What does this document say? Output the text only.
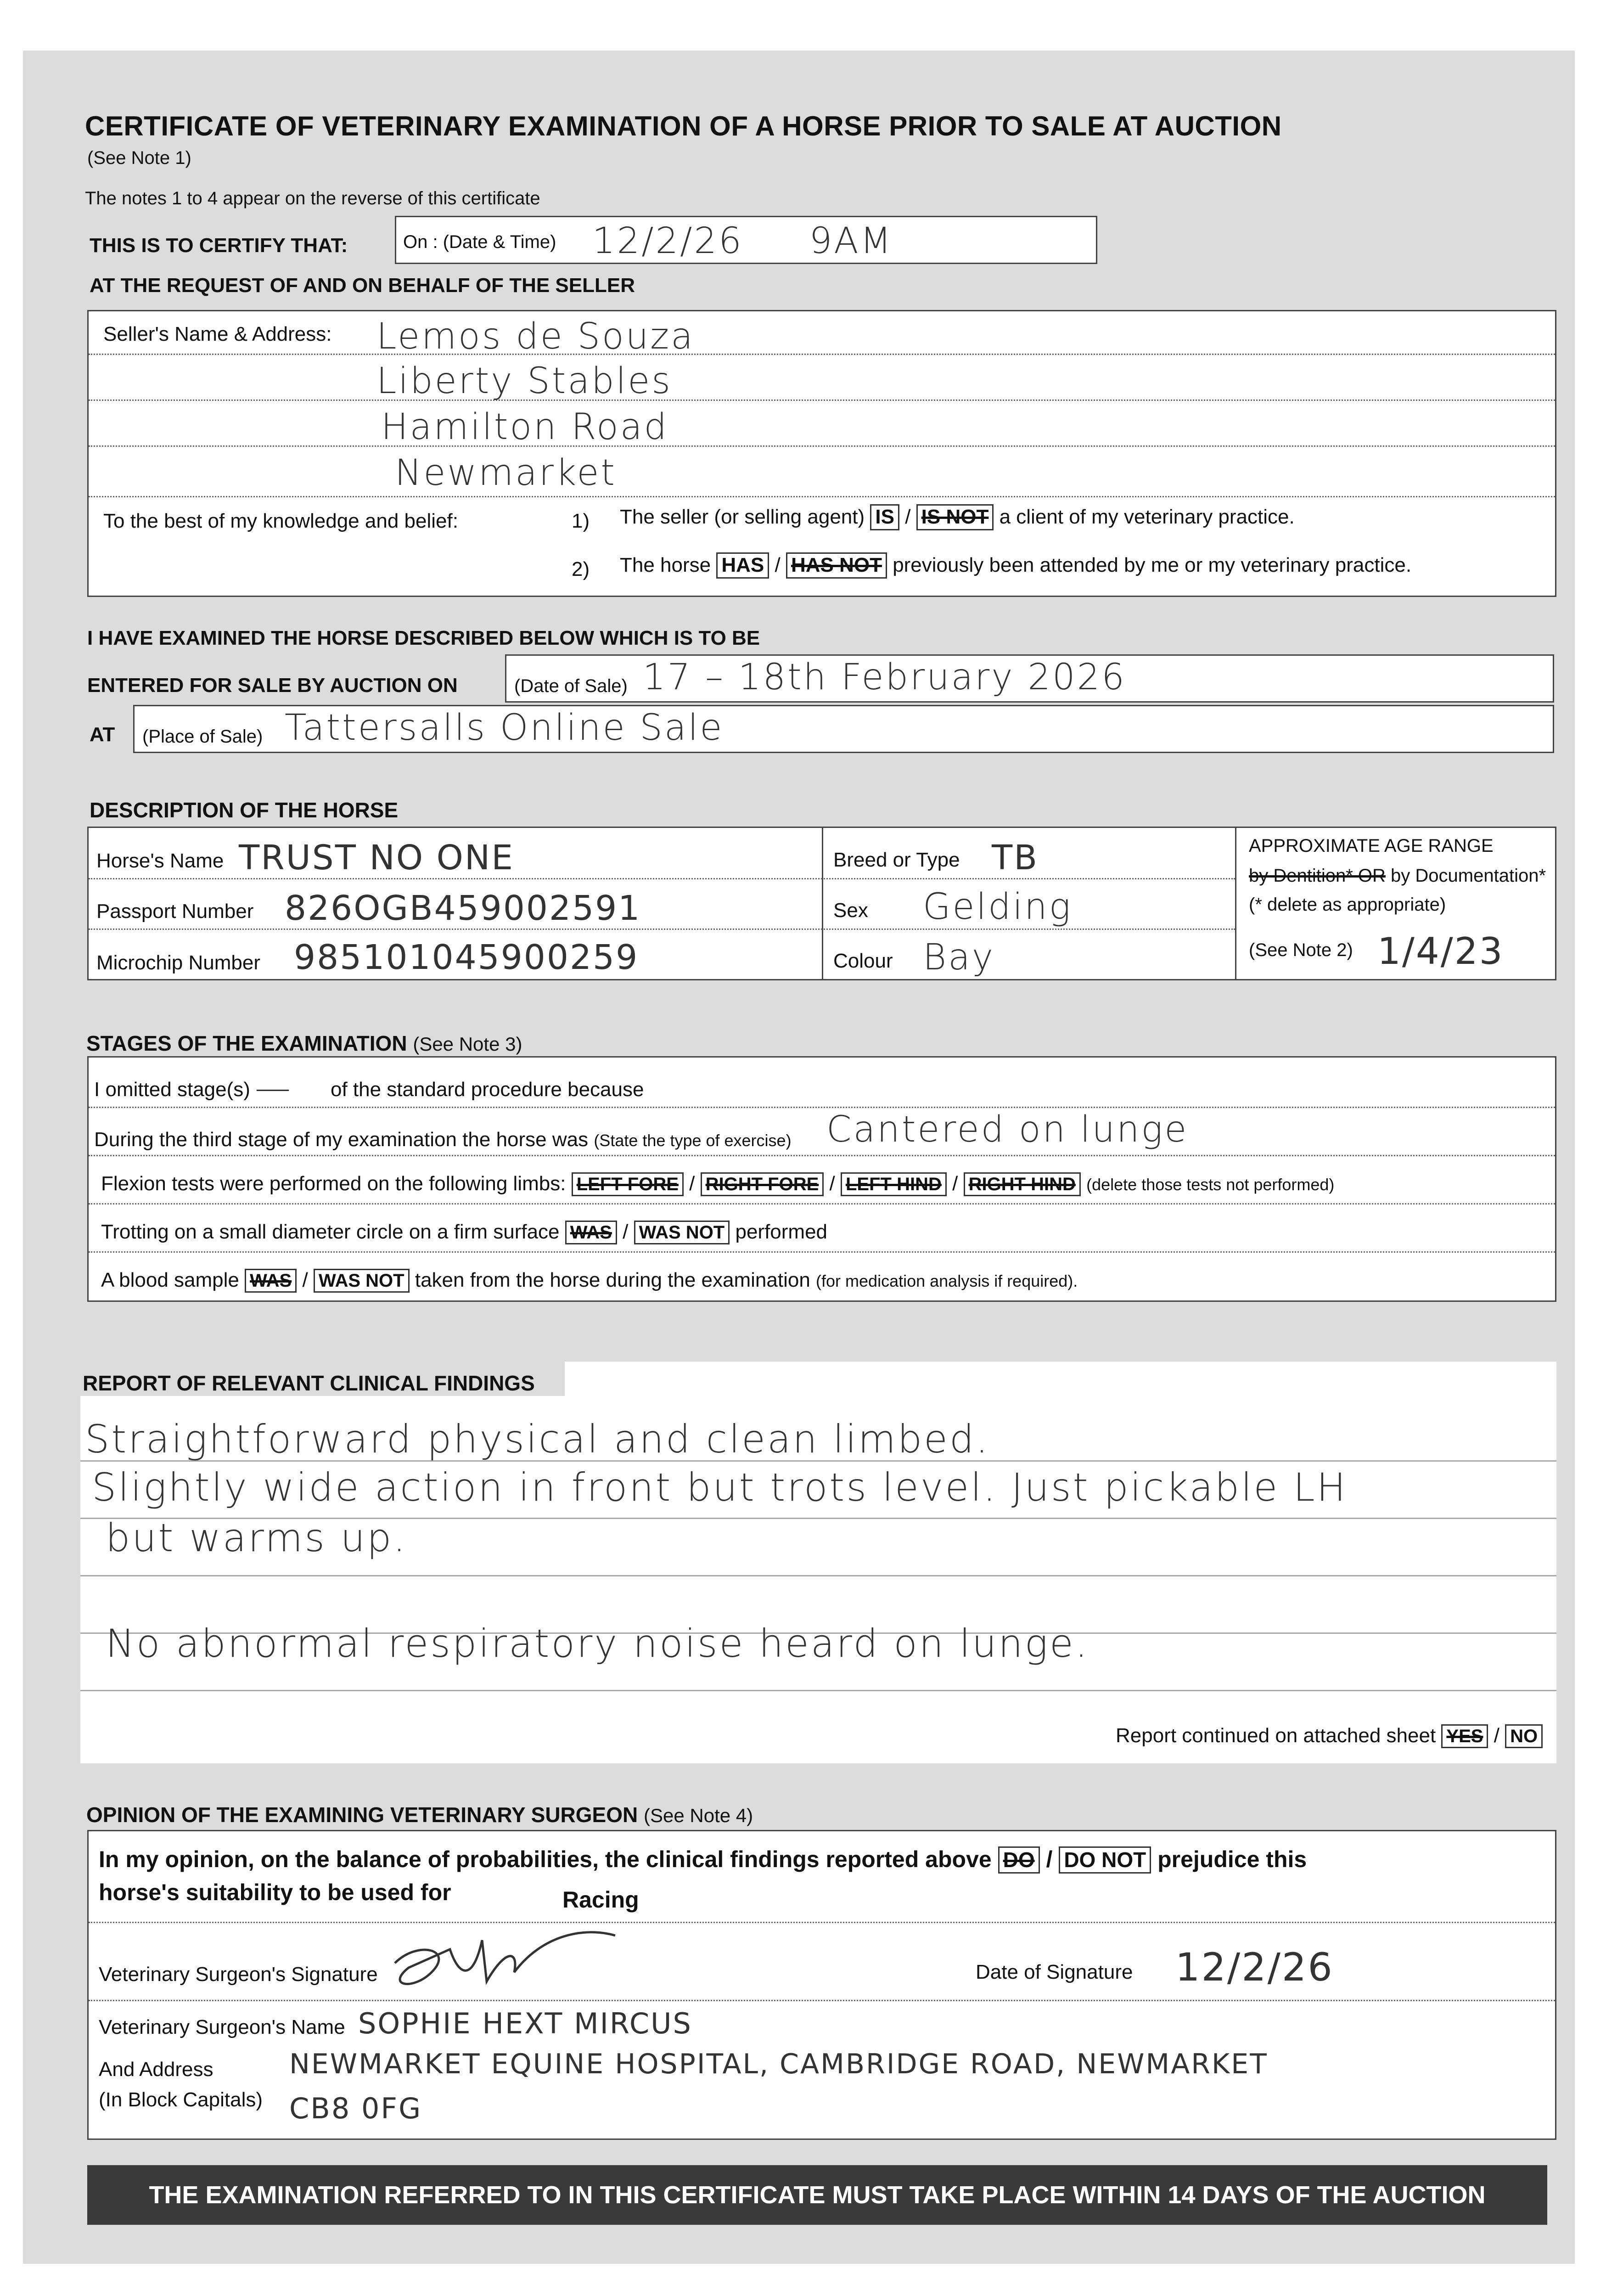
CERTIFICATE OF VETERINARY EXAMINATION OF A HORSE PRIOR TO SALE AT AUCTION
(See Note 1)
The notes 1 to 4 appear on the reverse of this certificate
THIS IS TO CERTIFY THAT:	On : (Date & Time) 12/2/26     9AM
AT THE REQUEST OF AND ON BEHALF OF THE SELLER
Seller's Name & Address: Lemos de Souza
Liberty Stables
Hamilton Road
Newmarket
To the best of my knowledge and belief:	1) The seller (or selling agent) IS / IS NOT a client of my veterinary practice.
2) The horse HAS / HAS NOT previously been attended by me or my veterinary practice.
I HAVE EXAMINED THE HORSE DESCRIBED BELOW WHICH IS TO BE
ENTERED FOR SALE BY AUCTION ON	(Date of Sale) 17 – 18th February 2026
AT (Place of Sale) Tattersalls Online Sale
DESCRIPTION OF THE HORSE
Horse's Name TRUST NO ONE
Passport Number 826OGB459002591
Microchip Number 985101045900259
Breed or Type TB
Sex Gelding
Colour Bay
APPROXIMATE AGE RANGE
by Dentition* OR by Documentation*
(* delete as appropriate)
(See Note 2) 1/4/23
STAGES OF THE EXAMINATION (See Note 3)
I omitted stage(s) — of the standard procedure because
During the third stage of my examination the horse was (State the type of exercise) Cantered on lunge
Flexion tests were performed on the following limbs: LEFT FORE / RIGHT FORE / LEFT HIND / RIGHT HIND (delete those tests not performed)
Trotting on a small diameter circle on a firm surface WAS / WAS NOT performed
A blood sample WAS / WAS NOT taken from the horse during the examination (for medication analysis if required).
REPORT OF RELEVANT CLINICAL FINDINGS
Straightforward physical and clean limbed.
Slightly wide action in front but trots level. Just pickable LH
but warms up.
No abnormal respiratory noise heard on lunge.
Report continued on attached sheet YES / NO
OPINION OF THE EXAMINING VETERINARY SURGEON (See Note 4)
In my opinion, on the balance of probabilities, the clinical findings reported above DO / DO NOT prejudice this
horse's suitability to be used for	Racing
Veterinary Surgeon's Signature	Date of Signature 12/2/26
Veterinary Surgeon's Name SOPHIE HEXT MIRCUS
And Address
(In Block Capitals)
NEWMARKET EQUINE HOSPITAL, CAMBRIDGE ROAD, NEWMARKET
CB8 0FG
THE EXAMINATION REFERRED TO IN THIS CERTIFICATE MUST TAKE PLACE WITHIN 14 DAYS OF THE AUCTION
